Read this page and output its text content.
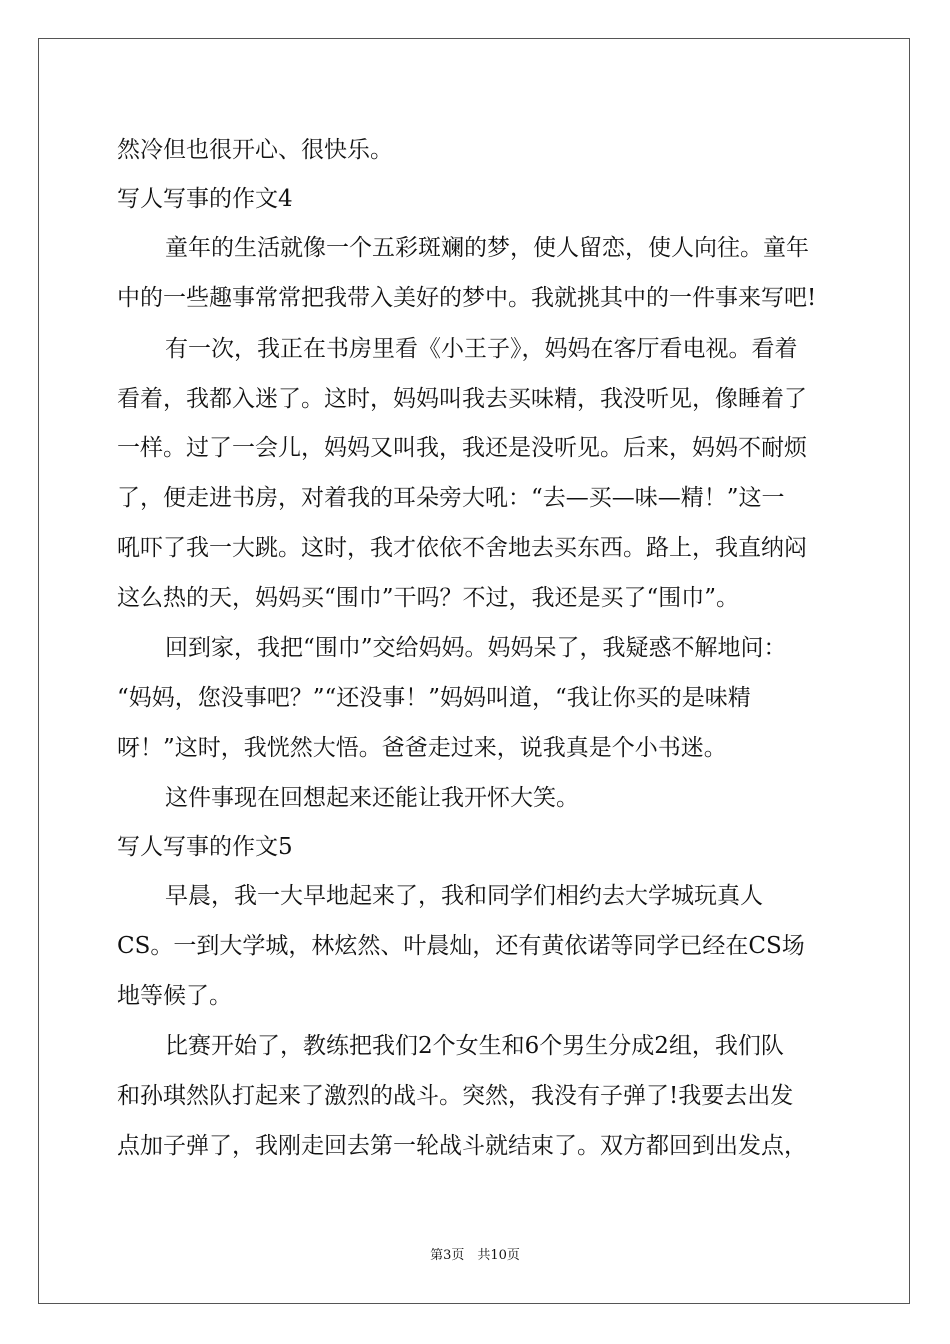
然冷但也很开心、很快乐。
写人写事的作文4
童年的生活就像一个五彩斑斓的梦，使人留恋，使人向往。童年
中的一些趣事常常把我带入美好的梦中。我就挑其中的一件事来写吧!
有一次，我正在书房里看《小王子》，妈妈在客厅看电视。看着
看着，我都入迷了。这时，妈妈叫我去买味精，我没听见，像睡着了
一样。过了一会儿，妈妈又叫我，我还是没听见。后来，妈妈不耐烦
了，便走进书房，对着我的耳朵旁大吼：“去—买—味—精！”这一
吼吓了我一大跳。这时，我才依依不舍地去买东西。路上，我直纳闷
这么热的天，妈妈买“围巾”干吗？不过，我还是买了“围巾”。
回到家，我把“围巾”交给妈妈。妈妈呆了，我疑惑不解地问：
“妈妈，您没事吧？”“还没事！”妈妈叫道，“我让你买的是味精
呀！”这时，我恍然大悟。爸爸走过来，说我真是个小书迷。
这件事现在回想起来还能让我开怀大笑。
写人写事的作文5
早晨，我一大早地起来了，我和同学们相约去大学城玩真人
CS。一到大学城，林炫然、叶晨灿，还有黄依诺等同学已经在CS场
地等候了。
比赛开始了，教练把我们2个女生和6个男生分成2组，我们队
和孙琪然队打起来了激烈的战斗。突然，我没有子弹了!我要去出发
点加子弹了，我刚走回去第一轮战斗就结束了。双方都回到出发点，
第3页　共10页
